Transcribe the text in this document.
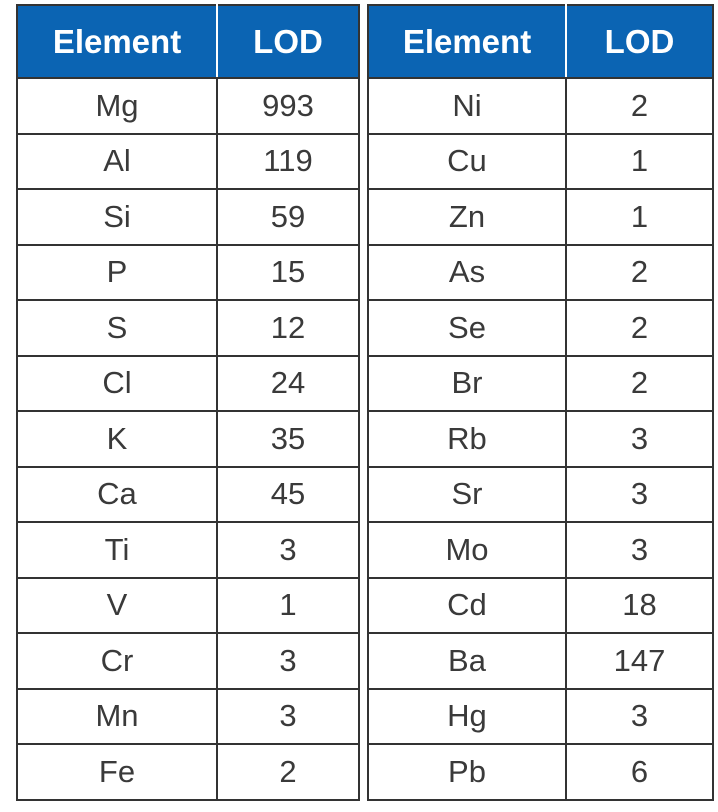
Element	LOD
Mg	993
Al	119
Si	59
P	15
S	12
Cl	24
K	35
Ca	45
Ti	3
V	1
Cr	3
Mn	3
Fe	2
Element	LOD
Ni	2
Cu	1
Zn	1
As	2
Se	2
Br	2
Rb	3
Sr	3
Mo	3
Cd	18
Ba	147
Hg	3
Pb	6
